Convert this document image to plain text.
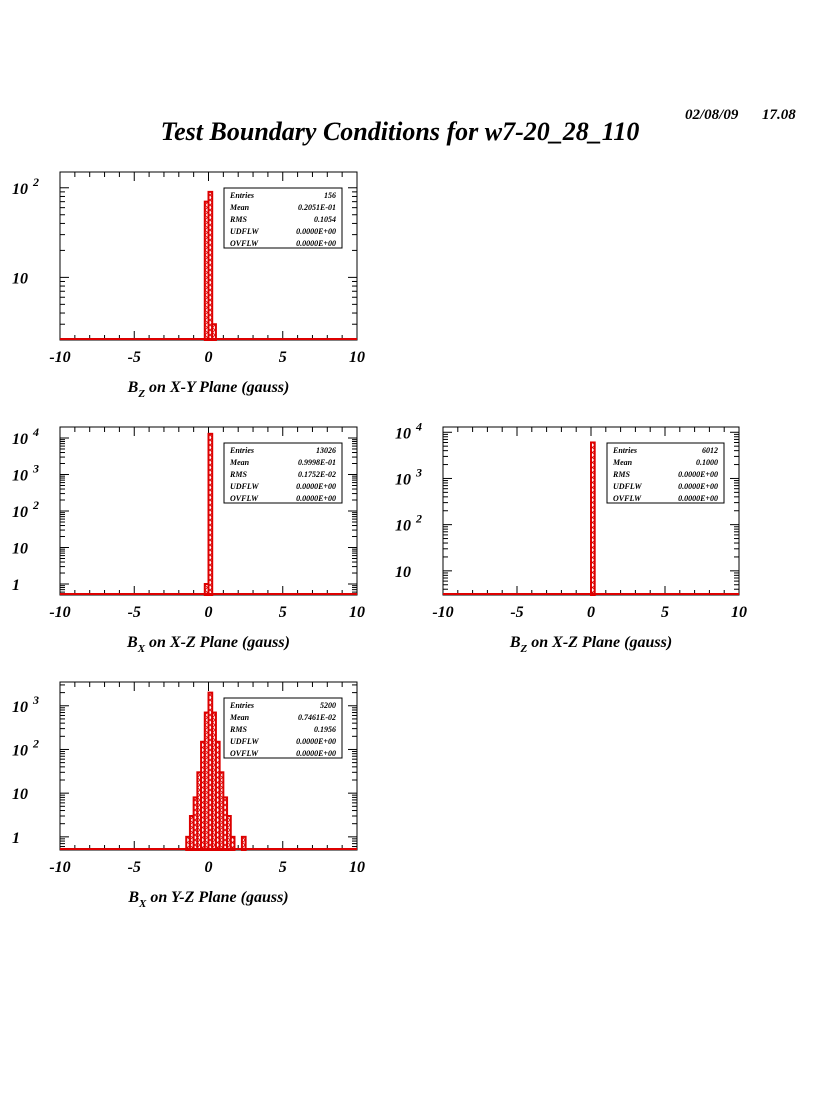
Test Boundary Conditions for w7-20_28_110
02/08/09 17.08
-10	-5	0	5	10
10 $^2$
10
Entries	156
Mean	0.2051E-01
RMS	0.1054
UDFLW	0.0000E+00
OVFLW	0.0000E+00
$B_Z$ on X-Y Plane (gauss)
-10	-5	0	5	10
10 $^4$
10 $^3$
10 $^2$
10
1
Entries	13026
Mean	0.9998E-01
RMS	0.1752E-02
UDFLW	0.0000E+00
OVFLW	0.0000E+00
$B_X$ on X-Z Plane (gauss)
-10	-5	0	5	10
10 $^4$
10 $^3$
10 $^2$
10
Entries	6012
Mean	0.1000
RMS	0.0000E+00
UDFLW	0.0000E+00
OVFLW	0.0000E+00
$B_Z$ on X-Z Plane (gauss)
-10	-5	0	5	10
10 $^3$
10 $^2$
10
1
Entries	5200
Mean	0.7461E-02
RMS	0.1956
UDFLW	0.0000E+00
OVFLW	0.0000E+00
$B_X$ on Y-Z Plane (gauss)
